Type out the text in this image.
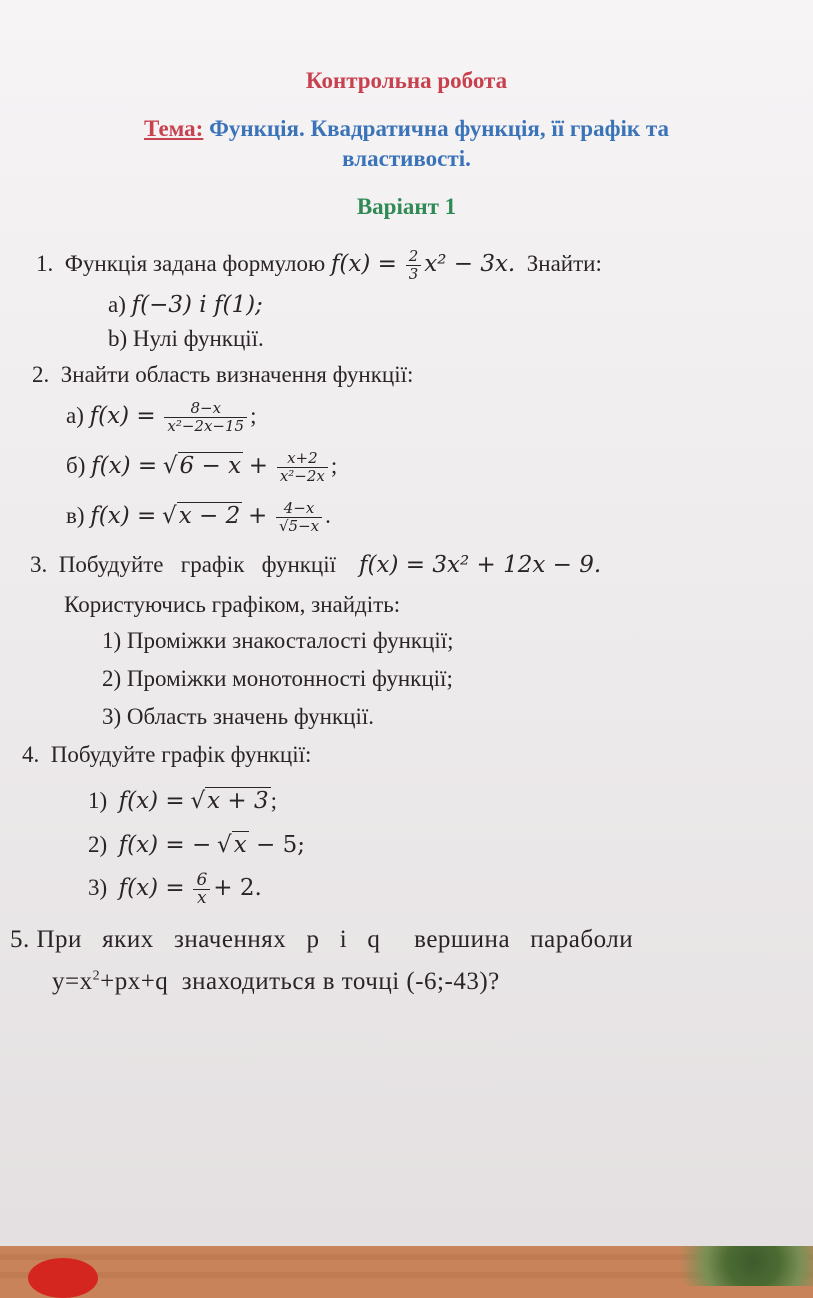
Контрольна робота
Тема: Функція. Квадратична функція, її графік та
властивості.
Варіант 1
1. Функція задана формулою $f(x) = \frac{2}{3} x^2 - 3x$. Знайти:
a) f(−3) і f(1);
b) Нулі функції.
2. Знайти область визначення функції:
а) $f(x) = \frac{8-x}{\text{x²−2x−15}}$ ;
б) $f(x) = √6 - x + \frac{x+2}{\text{x²−2x}}$ ;
в) $f(x) = √x - 2 + \frac{4-x}{√5-x}$ .
3. Побудуйте   графік   функції f(x) = 3x² + 12x − 9.
Користуючись графіком, знайдіть:
1) Проміжки знакосталості функції;
2) Проміжки монотонності функції;
3) Область значень функції.
4. Побудуйте графік функції:
1) f(x) = √x + 3;
2) f(x) = − √x − 5;
3) $f(x) = \frac{6}{x} + 2$.
5. При   яких   значеннях   p   і   q     вершина   параболи
$y=x^2+px+q$  знаходиться в точці (-6;-43)?
